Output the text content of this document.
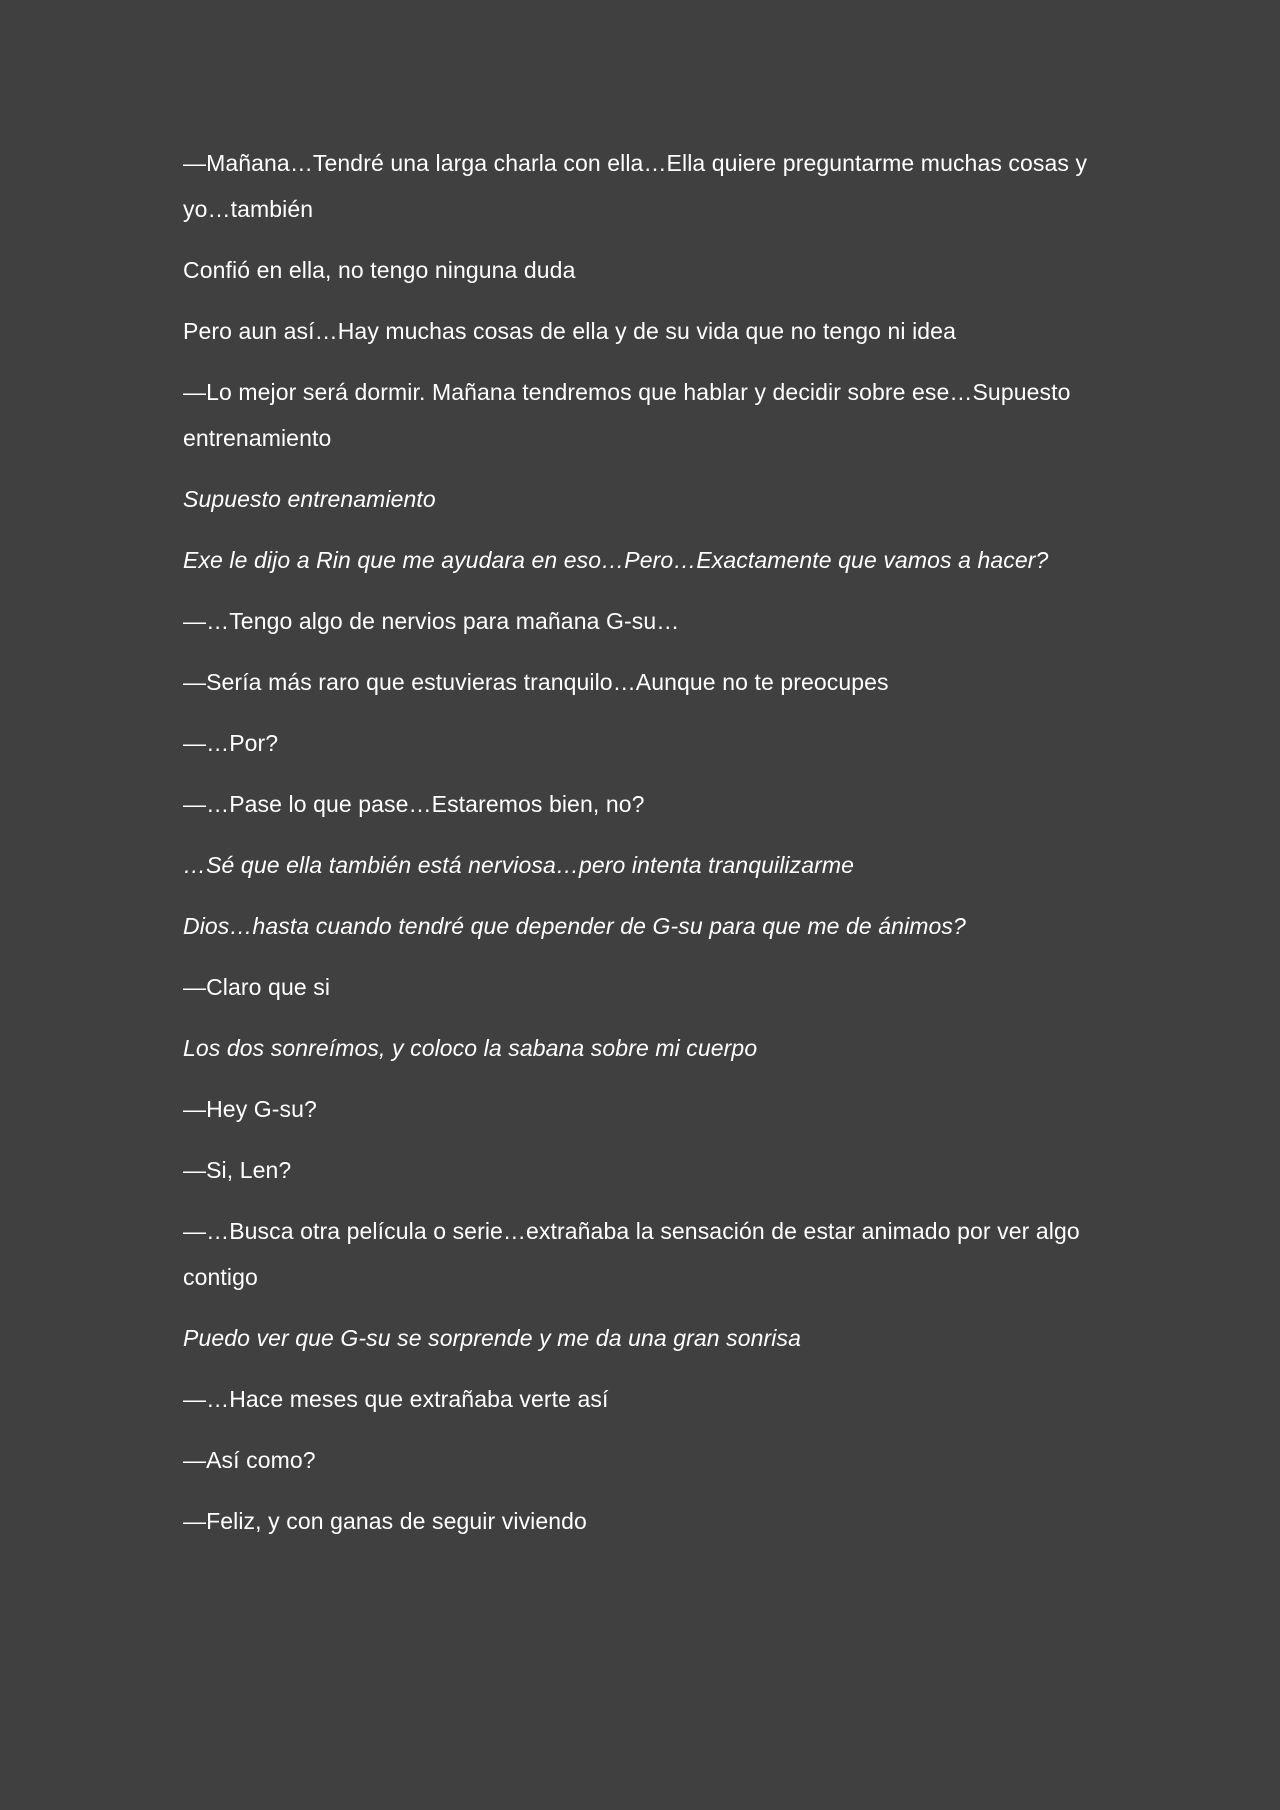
—Mañana…Tendré una larga charla con ella…Ella quiere preguntarme muchas cosas y yo…también

Confió en ella, no tengo ninguna duda

Pero aun así…Hay muchas cosas de ella y de su vida que no tengo ni idea

—Lo mejor será dormir. Mañana tendremos que hablar y decidir sobre ese…Supuesto entrenamiento

Supuesto entrenamiento

Exe le dijo a Rin que me ayudara en eso…Pero…Exactamente que vamos a hacer?

—…Tengo algo de nervios para mañana G-su…

—Sería más raro que estuvieras tranquilo…Aunque no te preocupes

—…Por?

—…Pase lo que pase…Estaremos bien, no?

…Sé que ella también está nerviosa…pero intenta tranquilizarme

Dios…hasta cuando tendré que depender de G-su para que me de ánimos?

—Claro que si

Los dos sonreímos, y coloco la sabana sobre mi cuerpo

—Hey G-su?

—Si, Len?

—…Busca otra película o serie…extrañaba la sensación de estar animado por ver algo contigo

Puedo ver que G-su se sorprende y me da una gran sonrisa

—…Hace meses que extrañaba verte así

—Así como?

—Feliz, y con ganas de seguir viviendo
